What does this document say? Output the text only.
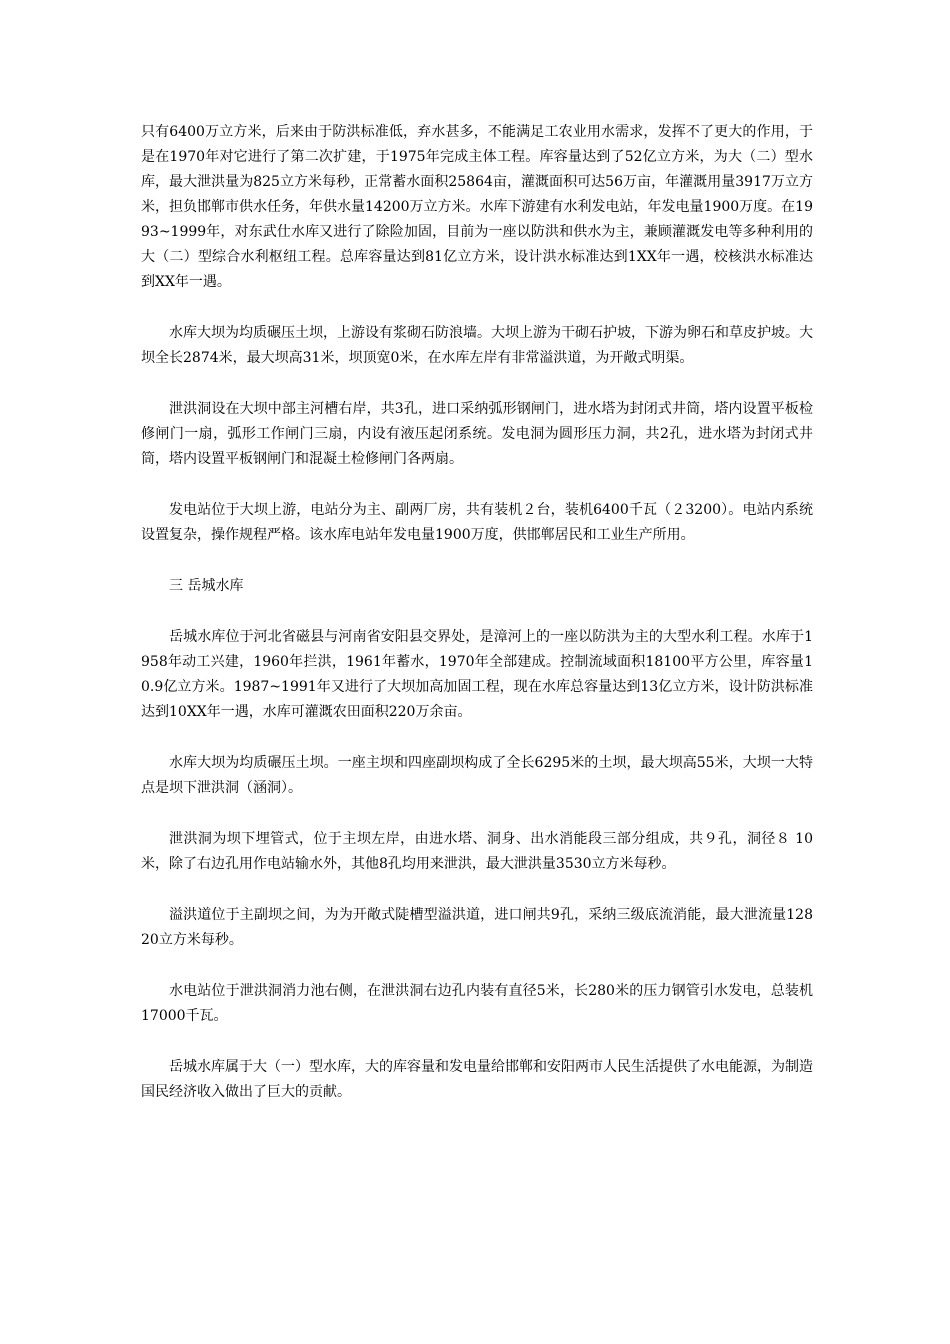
只有6400万立方米，后来由于防洪标准低，弃水甚多，不能满足工农业用水需求，发挥不了更大的作用，于是在1970年对它进行了第二次扩建，于1975年完成主体工程。库容量达到了52亿立方米，为大（二）型水库，最大泄洪量为825立方米每秒，正常蓄水面积25864亩，灌溉面积可达56万亩，年灌溉用量3917万立方米，担负邯郸市供水任务，年供水量14200万立方米。水库下游建有水利发电站，年发电量1900万度。在1993~1999年，对东武仕水库又进行了除险加固，目前为一座以防洪和供水为主，兼顾灌溉发电等多种利用的大（二）型综合水利枢纽工程。总库容量达到81亿立方米，设计洪水标准达到1XX年一遇，校核洪水标准达到XX年一遇。

水库大坝为均质碾压土坝，上游设有浆砌石防浪墙。大坝上游为干砌石护坡，下游为卵石和草皮护坡。大坝全长2874米，最大坝高31米，坝顶宽0米，在水库左岸有非常溢洪道，为开敞式明渠。

泄洪洞设在大坝中部主河槽右岸，共3孔，进口采纳弧形钢闸门，进水塔为封闭式井筒，塔内设置平板检修闸门一扇，弧形工作闸门三扇，内设有液压起闭系统。发电洞为圆形压力洞，共2孔，进水塔为封闭式井筒，塔内设置平板钢闸门和混凝土检修闸门各两扇。

发电站位于大坝上游，电站分为主、副两厂房，共有装机２台，装机6400千瓦（２3200）。电站内系统设置复杂，操作规程严格。该水库电站年发电量1900万度，供邯郸居民和工业生产所用。

三 岳城水库

岳城水库位于河北省磁县与河南省安阳县交界处，是漳河上的一座以防洪为主的大型水利工程。水库于1958年动工兴建，1960年拦洪，1961年蓄水，1970年全部建成。控制流域面积18100平方公里，库容量10.9亿立方米。1987~1991年又进行了大坝加高加固工程，现在水库总容量达到13亿立方米，设计防洪标准达到10XX年一遇，水库可灌溉农田面积220万余亩。

水库大坝为均质碾压土坝。一座主坝和四座副坝构成了全长6295米的土坝，最大坝高55米，大坝一大特点是坝下泄洪洞（涵洞）。

泄洪洞为坝下埋管式，位于主坝左岸，由进水塔、洞身、出水消能段三部分组成，共９孔，洞径８ 10米，除了右边孔用作电站输水外，其他8孔均用来泄洪，最大泄洪量3530立方米每秒。

溢洪道位于主副坝之间，为为开敞式陡槽型溢洪道，进口闸共9孔，采纳三级底流消能，最大泄流量12820立方米每秒。

水电站位于泄洪洞消力池右侧，在泄洪洞右边孔内装有直径5米，长280米的压力钢管引水发电，总装机17000千瓦。

岳城水库属于大（一）型水库，大的库容量和发电量给邯郸和安阳两市人民生活提供了水电能源，为制造国民经济收入做出了巨大的贡献。
